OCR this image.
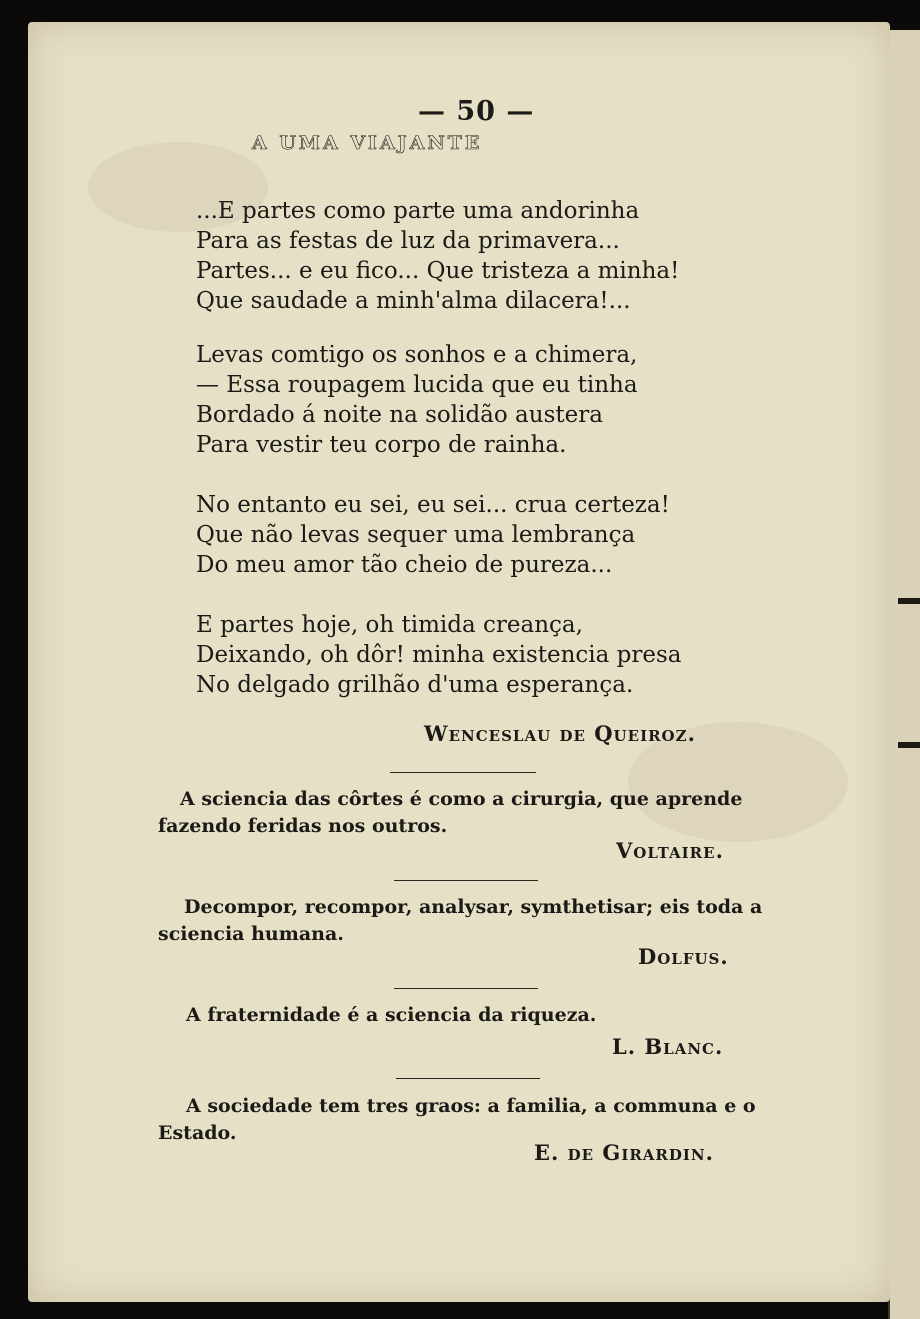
— 50 —

A UMA VIAJANTE

...E partes como parte uma andorinha
Para as festas de luz da primavera...
Partes... e eu fico... Que tristeza a minha!
Que saudade a minh'alma dilacera!...
Levas comtigo os sonhos e a chimera,
— Essa roupagem lucida que eu tinha
Bordado á noite na solidão austera
Para vestir teu corpo de rainha.
No entanto eu sei, eu sei... crua certeza!
Que não levas sequer uma lembrança
Do meu amor tão cheio de pureza...
E partes hoje, oh timida creança,
Deixando, oh dôr! minha existencia presa
No delgado grilhão d'uma esperança.

Wenceslau de Queiroz.

A sciencia das côrtes é como a cirurgia, que aprende
fazendo feridas nos outros.

Voltaire.

Decompor, recompor, analysar, symthetisar; eis toda a
sciencia humana.

Dolfus.

A fraternidade é a sciencia da riqueza.

L. Blanc.

A sociedade tem tres graos: a familia, a communa e o
Estado.

E. de Girardin.
